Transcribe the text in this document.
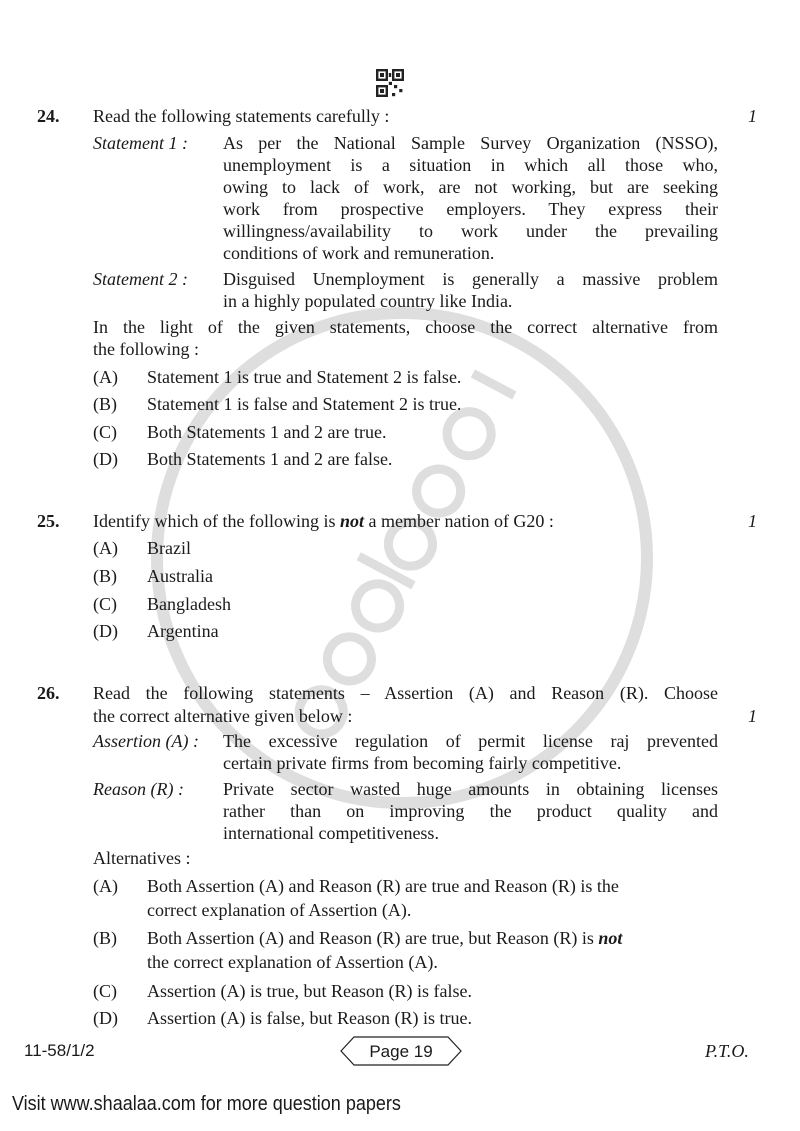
24. Read the following statements carefully :	1
Statement 1 : As per the National Sample Survey Organization (NSSO),
unemployment is a situation in which all those who,
owing to lack of work, are not working, but are seeking
work from prospective employers. They express their
willingness/availability to work under the prevailing
conditions of work and remuneration.
Statement 2 : Disguised Unemployment is generally a massive problem
in a highly populated country like India.
In the light of the given statements, choose the correct alternative from
the following :
(A) Statement 1 is true and Statement 2 is false.
(B) Statement 1 is false and Statement 2 is true.
(C) Both Statements 1 and 2 are true.
(D) Both Statements 1 and 2 are false.
25. Identify which of the following is not a member nation of G20 :	1
(A) Brazil
(B) Australia
(C) Bangladesh
(D) Argentina
26. Read the following statements – Assertion (A) and Reason (R). Choose
the correct alternative given below :	1
Assertion (A) : The excessive regulation of permit license raj prevented
certain private firms from becoming fairly competitive.
Reason (R) : Private sector wasted huge amounts in obtaining licenses
rather than on improving the product quality and
international competitiveness.
Alternatives :
(A) Both Assertion (A) and Reason (R) are true and Reason (R) is the
correct explanation of Assertion (A).
(B) Both Assertion (A) and Reason (R) are true, but Reason (R) is not
the correct explanation of Assertion (A).
(C) Assertion (A) is true, but Reason (R) is false.
(D) Assertion (A) is false, but Reason (R) is true.
11-58/1/2	Page 19	P.T.O.
Visit www.shaalaa.com for more question papers
